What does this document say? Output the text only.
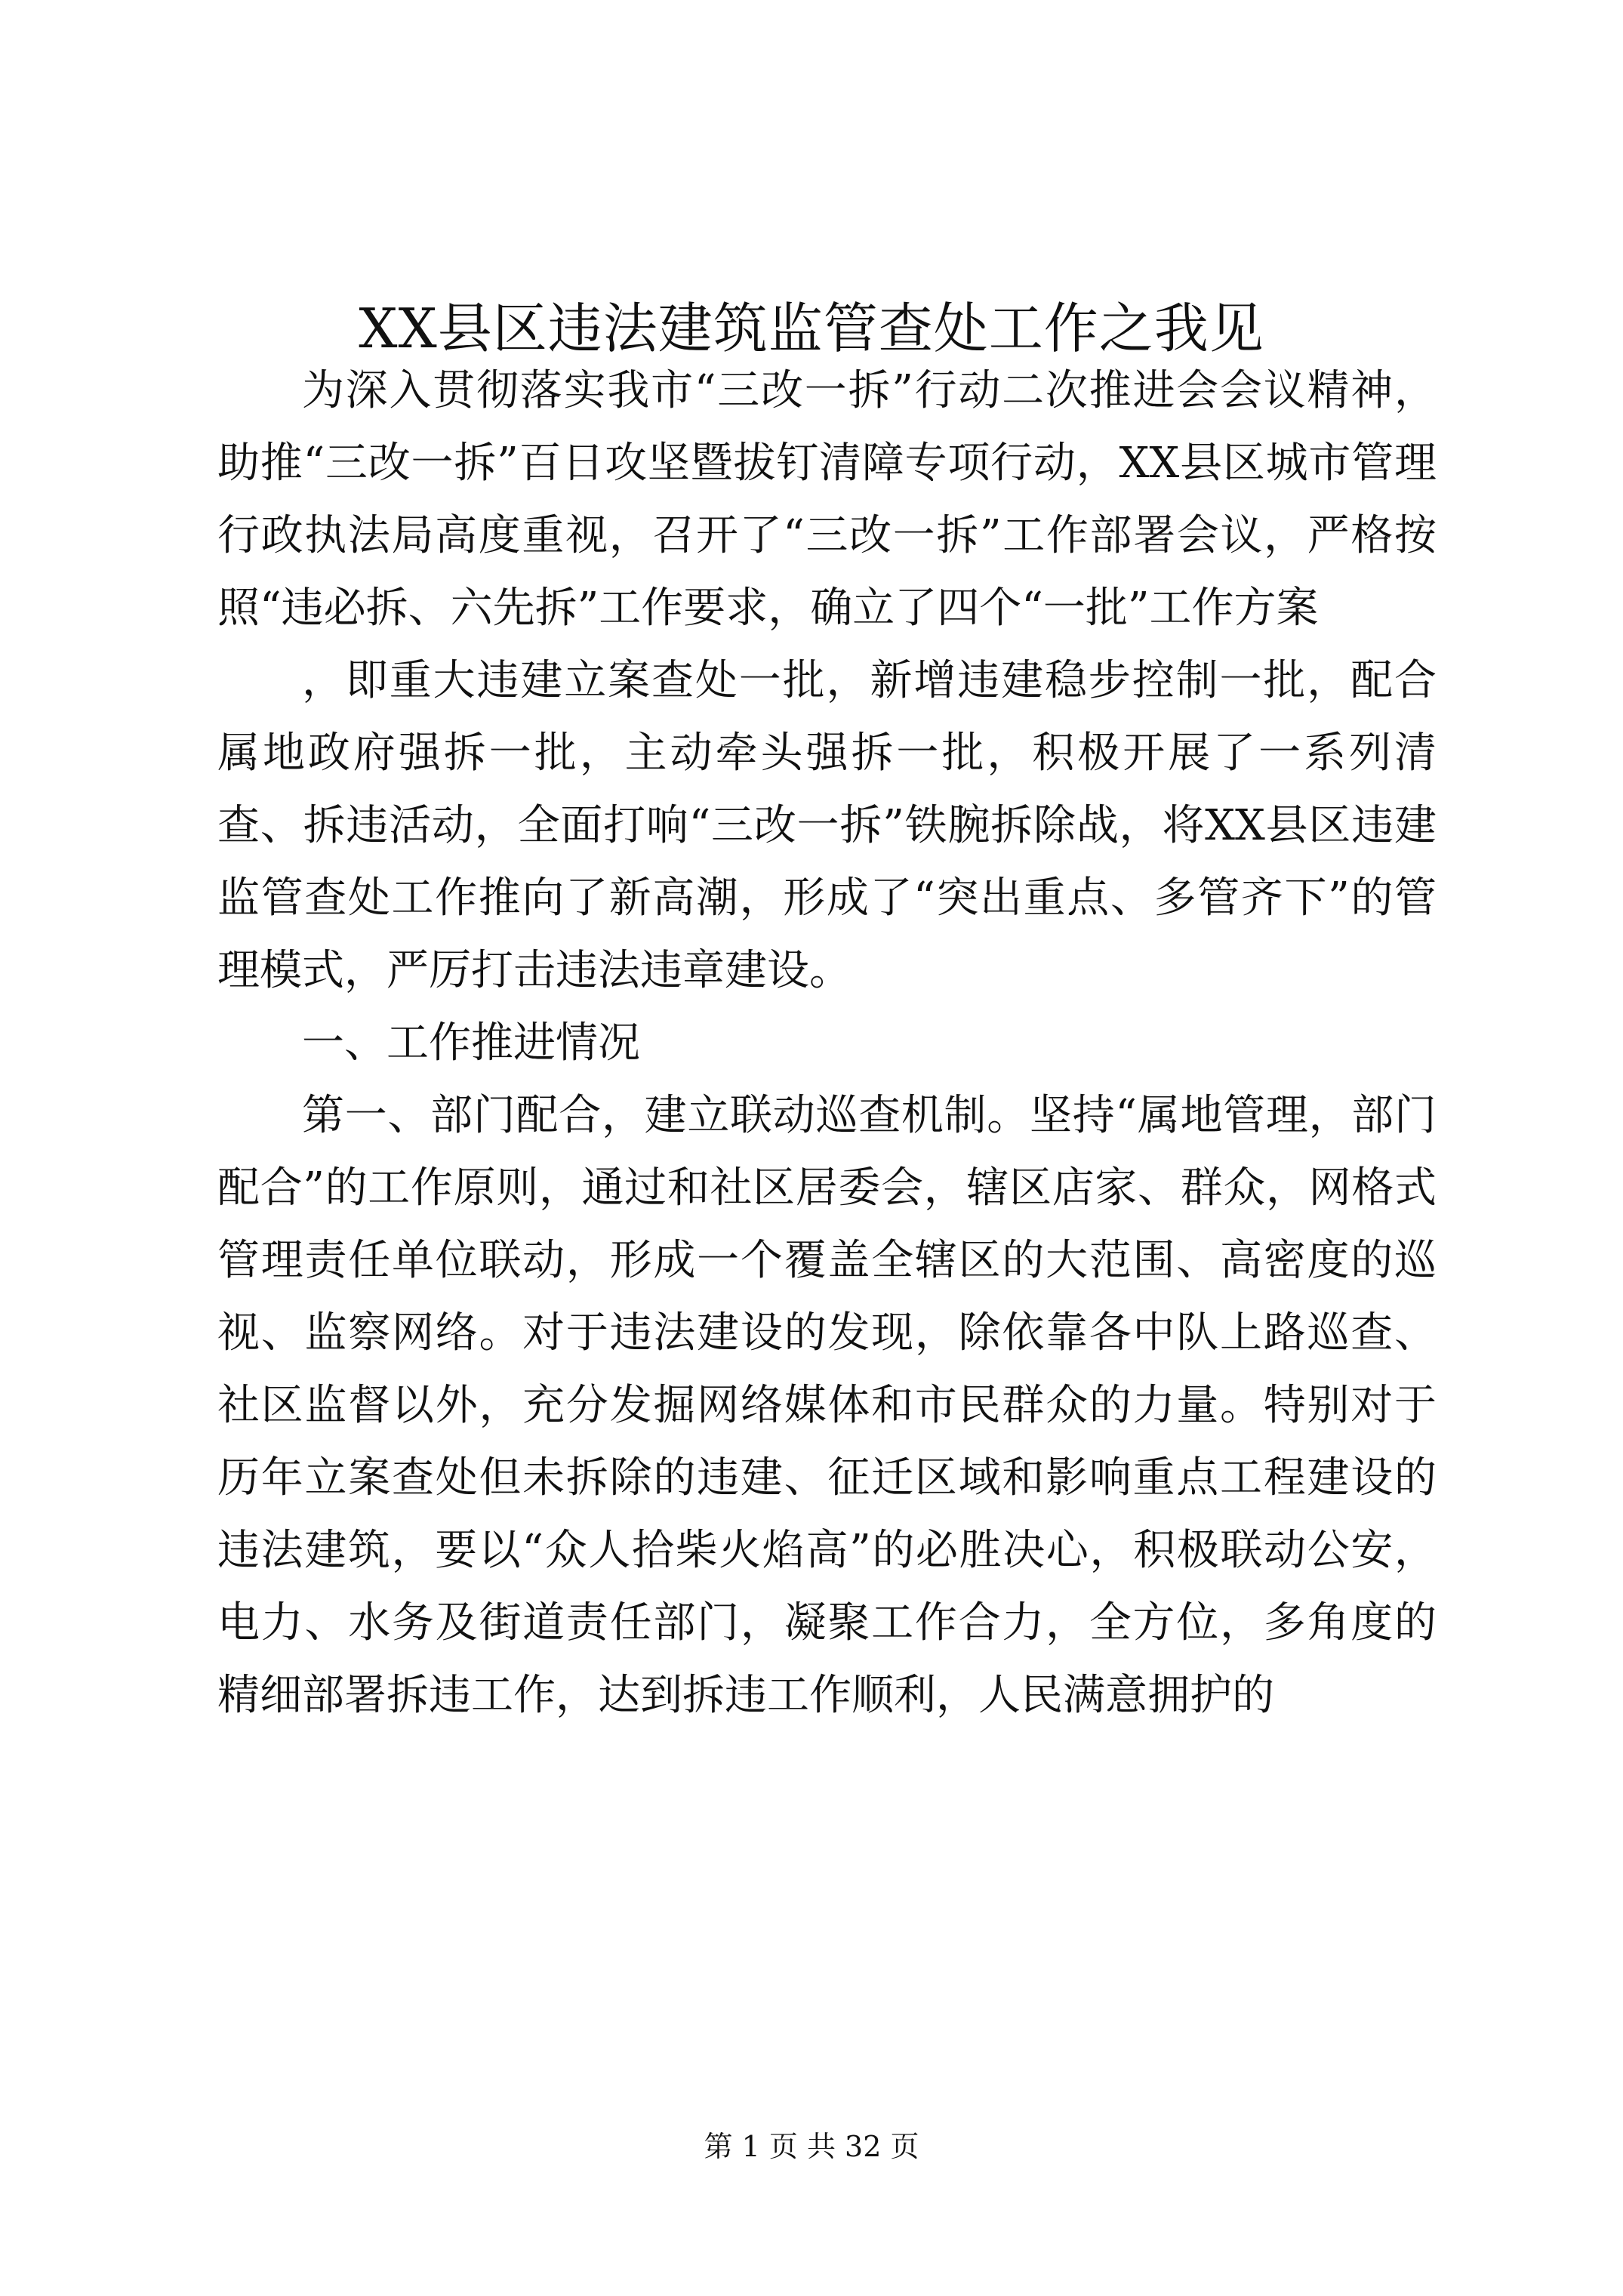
XX县区违法建筑监管查处工作之我见

为深入贯彻落实我市“三改一拆”行动二次推进会会议精神，助推“三改一拆”百日攻坚暨拔钉清障专项行动，XX县区城市管理行政执法局高度重视，召开了“三改一拆”工作部署会议，严格按照“违必拆、六先拆”工作要求，确立了四个“一批”工作方案

，即重大违建立案查处一批，新增违建稳步控制一批，配合属地政府强拆一批，主动牵头强拆一批，积极开展了一系列清查、拆违活动，全面打响“三改一拆”铁腕拆除战，将XX县区违建监管查处工作推向了新高潮，形成了“突出重点、多管齐下”的管理模式，严厉打击违法违章建设。

一、工作推进情况

第一、部门配合，建立联动巡查机制。坚持“属地管理，部门配合”的工作原则，通过和社区居委会，辖区店家、群众，网格式管理责任单位联动，形成一个覆盖全辖区的大范围、高密度的巡视、监察网络。对于违法建设的发现，除依靠各中队上路巡查、社区监督以外，充分发掘网络媒体和市民群众的力量。特别对于历年立案查处但未拆除的违建、征迁区域和影响重点工程建设的违法建筑，要以“众人拾柴火焰高”的必胜决心，积极联动公安，电力、水务及街道责任部门，凝聚工作合力，全方位，多角度的精细部署拆违工作，达到拆违工作顺利，人民满意拥护的

第 1 页 共 32 页
